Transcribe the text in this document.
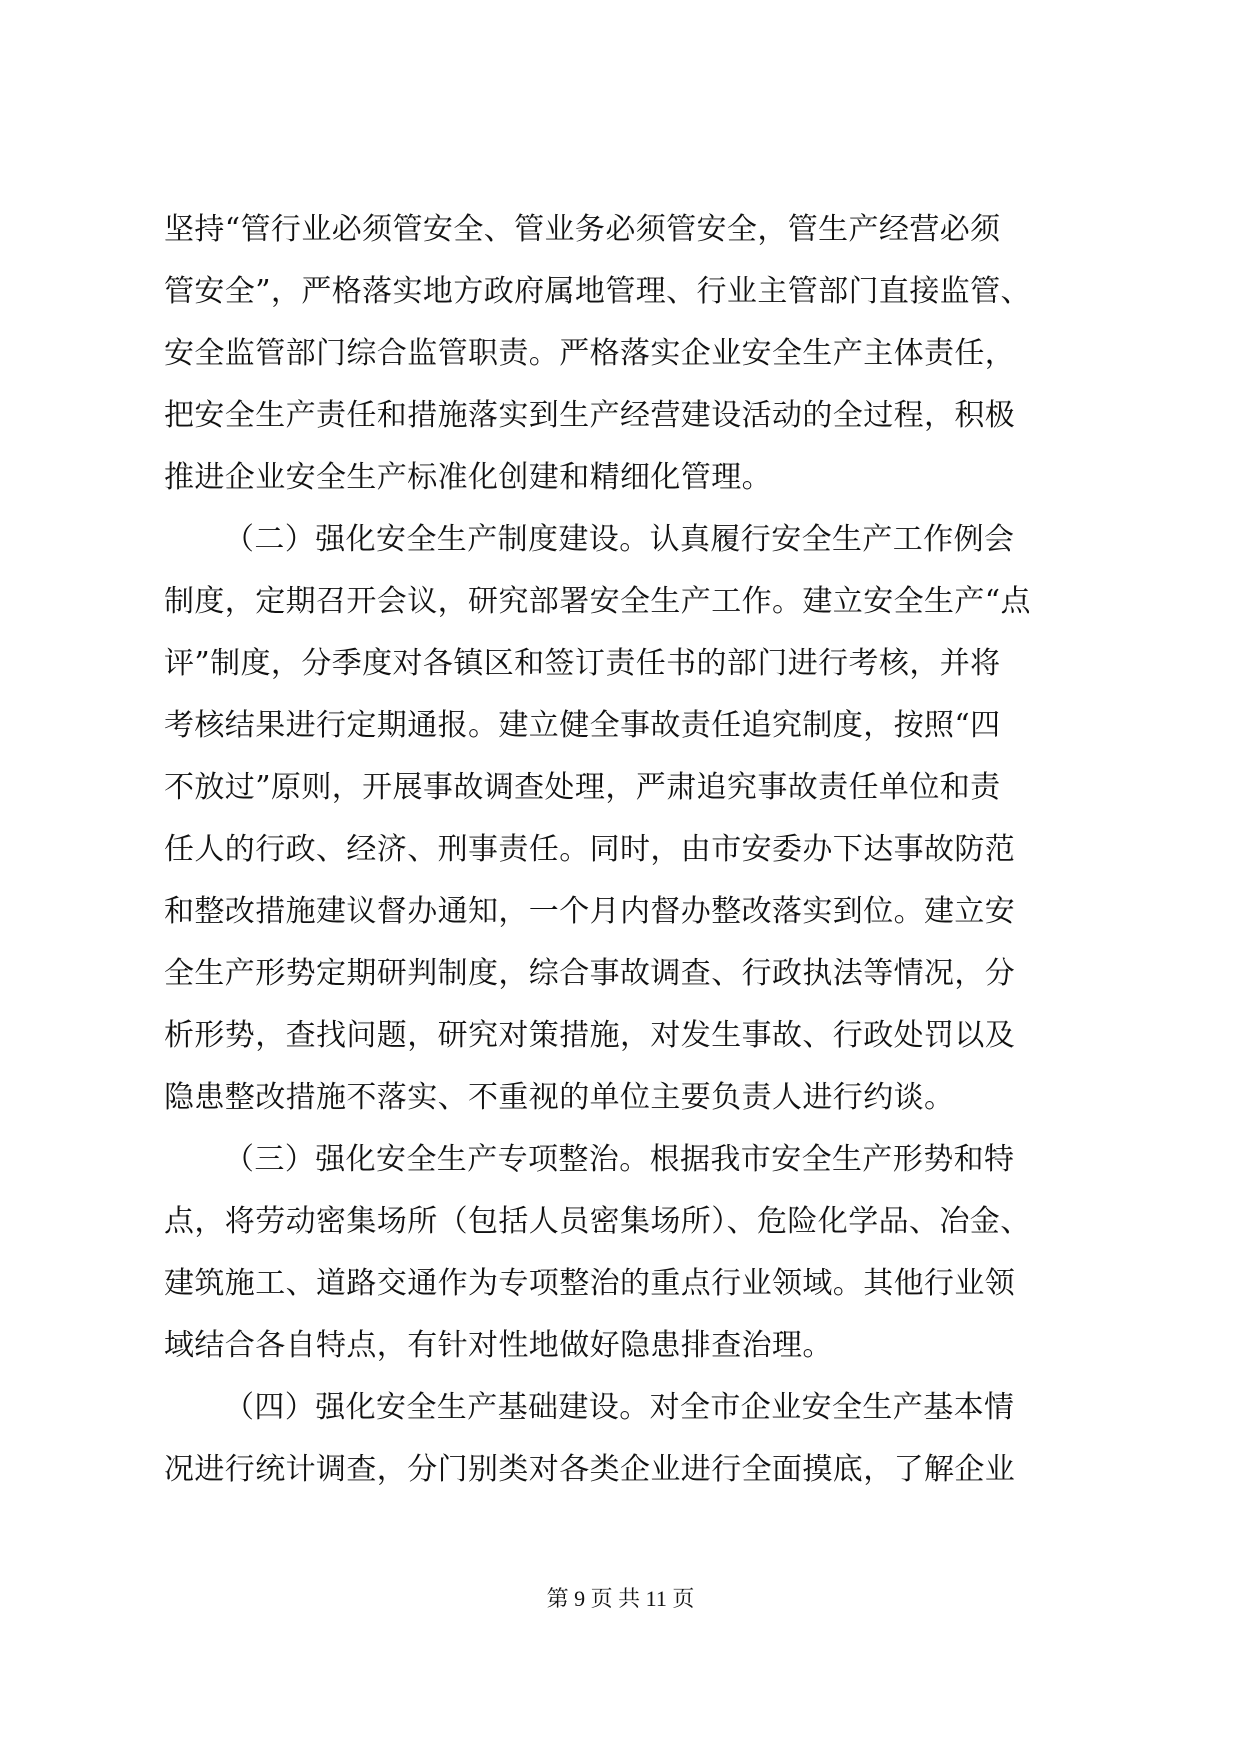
坚持“管行业必须管安全、管业务必须管安全，管生产经营必须
管安全”，严格落实地方政府属地管理、行业主管部门直接监管、
安全监管部门综合监管职责。严格落实企业安全生产主体责任，
把安全生产责任和措施落实到生产经营建设活动的全过程，积极
推进企业安全生产标准化创建和精细化管理。
（二）强化安全生产制度建设。认真履行安全生产工作例会
制度，定期召开会议，研究部署安全生产工作。建立安全生产“点
评”制度，分季度对各镇区和签订责任书的部门进行考核，并将
考核结果进行定期通报。建立健全事故责任追究制度，按照“四
不放过”原则，开展事故调查处理，严肃追究事故责任单位和责
任人的行政、经济、刑事责任。同时，由市安委办下达事故防范
和整改措施建议督办通知，一个月内督办整改落实到位。建立安
全生产形势定期研判制度，综合事故调查、行政执法等情况，分
析形势，查找问题，研究对策措施，对发生事故、行政处罚以及
隐患整改措施不落实、不重视的单位主要负责人进行约谈。
（三）强化安全生产专项整治。根据我市安全生产形势和特
点，将劳动密集场所（包括人员密集场所）、危险化学品、冶金、
建筑施工、道路交通作为专项整治的重点行业领域。其他行业领
域结合各自特点，有针对性地做好隐患排查治理。
（四）强化安全生产基础建设。对全市企业安全生产基本情
况进行统计调查，分门别类对各类企业进行全面摸底，了解企业
第 9 页 共 11 页
